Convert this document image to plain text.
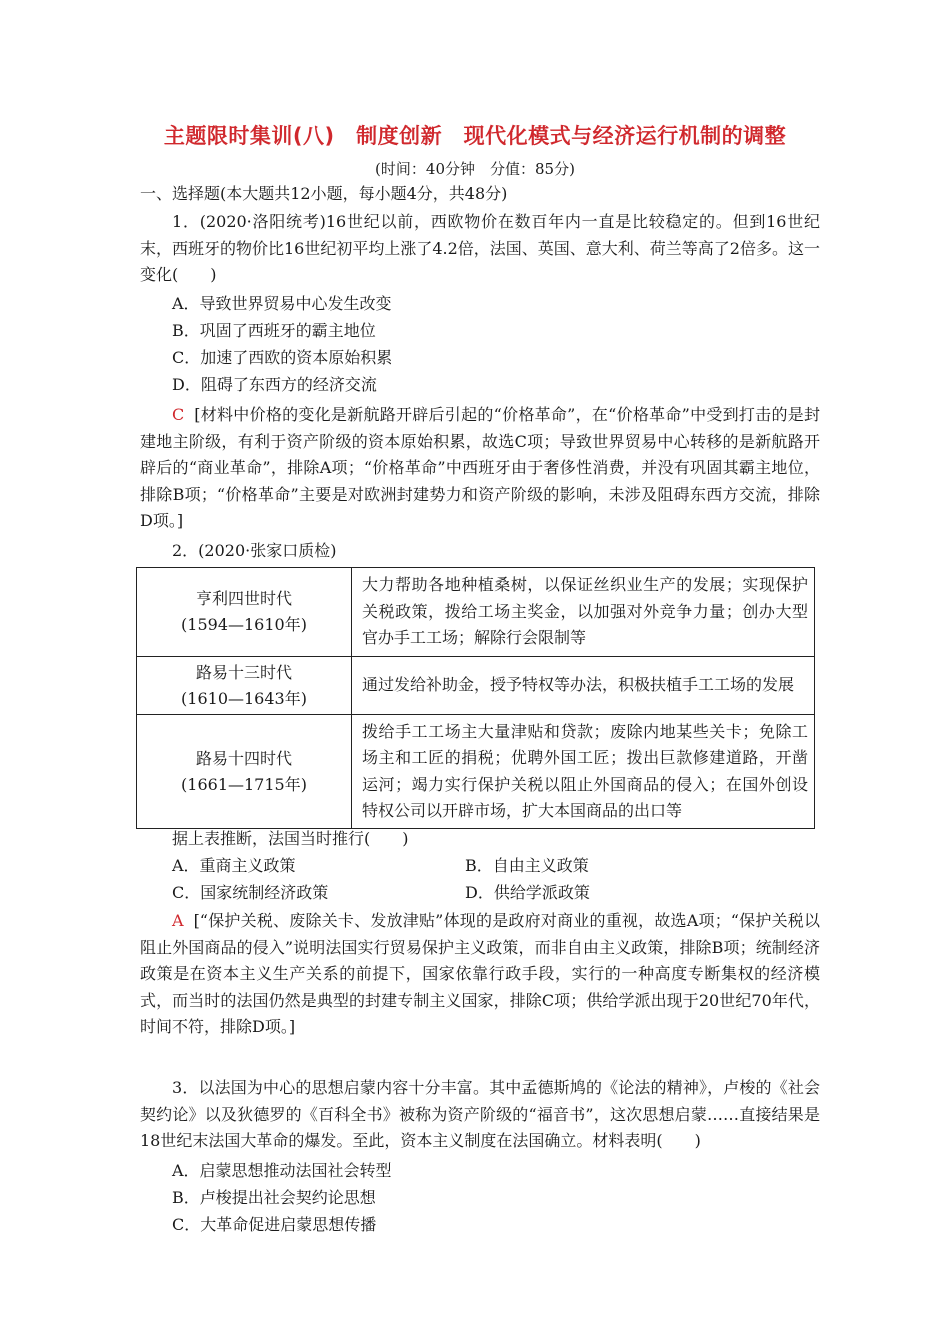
主题限时集训(八)　制度创新　现代化模式与经济运行机制的调整
(时间：40分钟　分值：85分)
一、选择题(本大题共12小题，每小题4分，共48分)
1．(2020·洛阳统考)16世纪以前，西欧物价在数百年内一直是比较稳定的。但到16世纪末，西班牙的物价比16世纪初平均上涨了4.2倍，法国、英国、意大利、荷兰等高了2倍多。这一变化(　　)
A．导致世界贸易中心发生改变
B．巩固了西班牙的霸主地位
C．加速了西欧的资本原始积累
D．阻碍了东西方的经济交流
C [材料中价格的变化是新航路开辟后引起的“价格革命”，在“价格革命”中受到打击的是封建地主阶级，有利于资产阶级的资本原始积累，故选C项；导致世界贸易中心转移的是新航路开辟后的“商业革命”，排除A项；“价格革命”中西班牙由于奢侈性消费，并没有巩固其霸主地位，排除B项；“价格革命”主要是对欧洲封建势力和资产阶级的影响，未涉及阻碍东西方交流，排除D项。]
2．(2020·张家口质检)
亨利四世时代
(1594—1610年)	大力帮助各地种植桑树，以保证丝织业生产的发展；实现保护关税政策，拨给工场主奖金，以加强对外竞争力量；创办大型官办手工工场；解除行会限制等

路易十三时代
(1610—1643年)	通过发给补助金，授予特权等办法，积极扶植手工工场的发展

路易十四时代
(1661—1715年)	拨给手工工场主大量津贴和贷款；废除内地某些关卡；免除工场主和工匠的捐税；优聘外国工匠；拨出巨款修建道路，开凿运河；竭力实行保护关税以阻止外国商品的侵入；在国外创设特权公司以开辟市场，扩大本国商品的出口等
据上表推断，法国当时推行(　　)
A．重商主义政策	B．自由主义政策
C．国家统制经济政策	D．供给学派政策
A [“保护关税、废除关卡、发放津贴”体现的是政府对商业的重视，故选A项；“保护关税以阻止外国商品的侵入”说明法国实行贸易保护主义政策，而非自由主义政策，排除B项；统制经济政策是在资本主义生产关系的前提下，国家依靠行政手段，实行的一种高度专断集权的经济模式，而当时的法国仍然是典型的封建专制主义国家，排除C项；供给学派出现于20世纪70年代，时间不符，排除D项。]
3．以法国为中心的思想启蒙内容十分丰富。其中孟德斯鸠的《论法的精神》，卢梭的《社会契约论》以及狄德罗的《百科全书》被称为资产阶级的“福音书”，这次思想启蒙……直接结果是18世纪末法国大革命的爆发。至此，资本主义制度在法国确立。材料表明(　　)
A．启蒙思想推动法国社会转型
B．卢梭提出社会契约论思想
C．大革命促进启蒙思想传播
